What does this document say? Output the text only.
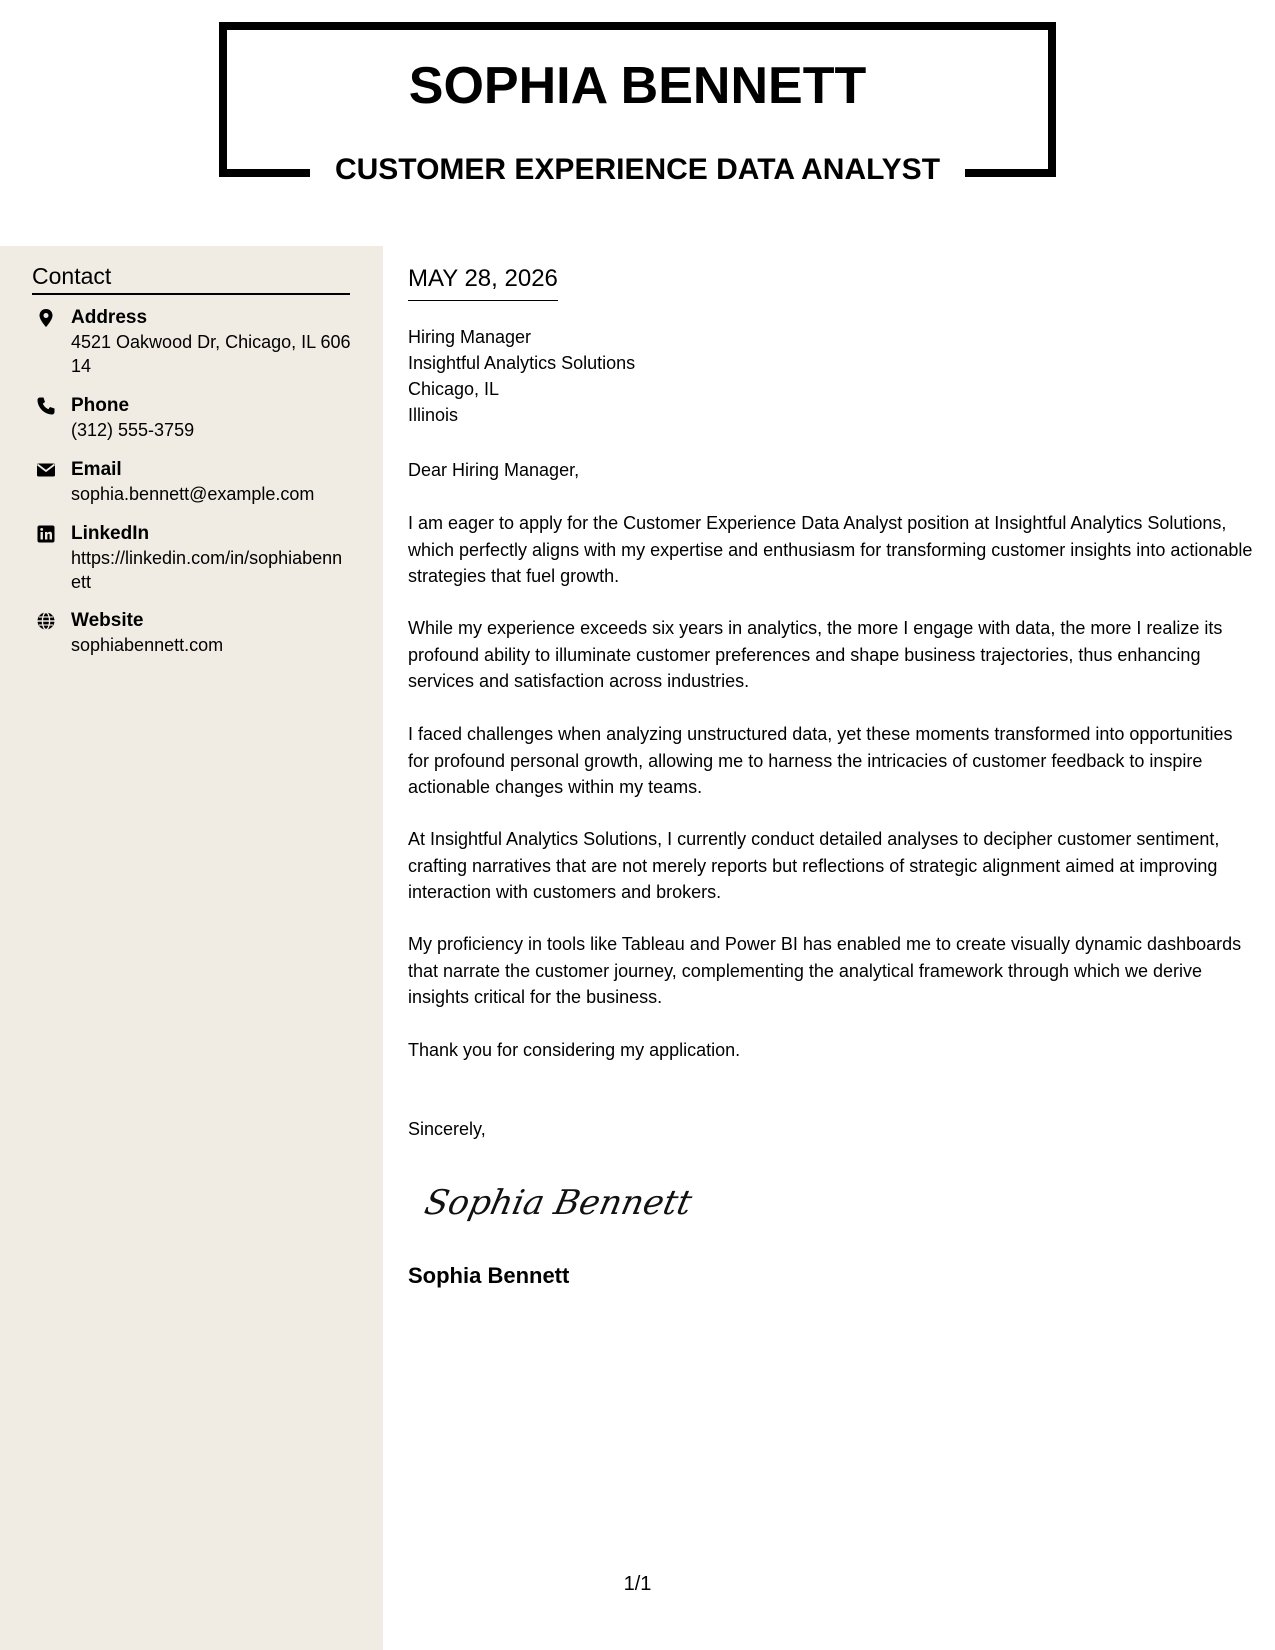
SOPHIA BENNETT
CUSTOMER EXPERIENCE DATA ANALYST
Contact
Address
4521 Oakwood Dr, Chicago, IL 60614
Phone
(312) 555-3759
Email
sophia.bennett@example.com
LinkedIn
https://linkedin.com/in/sophiabennett
Website
sophiabennett.com
MAY 28, 2026
Hiring Manager
Insightful Analytics Solutions
Chicago, IL
Illinois
Dear Hiring Manager,
I am eager to apply for the Customer Experience Data Analyst position at Insightful Analytics Solutions, which perfectly aligns with my expertise and enthusiasm for transforming customer insights into actionable strategies that fuel growth.
While my experience exceeds six years in analytics, the more I engage with data, the more I realize its profound ability to illuminate customer preferences and shape business trajectories, thus enhancing services and satisfaction across industries.
I faced challenges when analyzing unstructured data, yet these moments transformed into opportunities for profound personal growth, allowing me to harness the intricacies of customer feedback to inspire actionable changes within my teams.
At Insightful Analytics Solutions, I currently conduct detailed analyses to decipher customer sentiment, crafting narratives that are not merely reports but reflections of strategic alignment aimed at improving interaction with customers and brokers.
My proficiency in tools like Tableau and Power BI has enabled me to create visually dynamic dashboards that narrate the customer journey, complementing the analytical framework through which we derive insights critical for the business.
Thank you for considering my application.
Sincerely,
Sophia Bennett
Sophia Bennett
1/1
